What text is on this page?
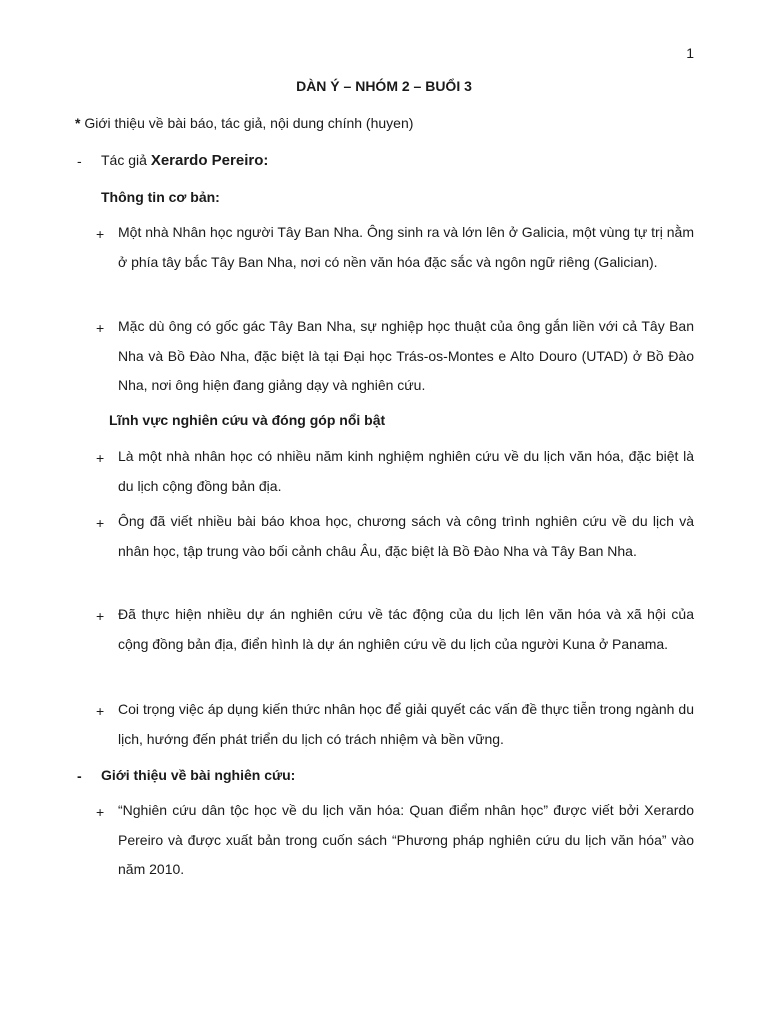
1
DÀN Ý – NHÓM 2 – BUỔI 3
* Giới thiệu về bài báo, tác giả, nội dung chính (huyen)
- Tác giả Xerardo Pereiro:
Thông tin cơ bản:
+ Một nhà Nhân học người Tây Ban Nha. Ông sinh ra và lớn lên ở Galicia, một vùng tự trị nằm ở phía tây bắc Tây Ban Nha, nơi có nền văn hóa đặc sắc và ngôn ngữ riêng (Galician).
+ Mặc dù ông có gốc gác Tây Ban Nha, sự nghiệp học thuật của ông gắn liền với cả Tây Ban Nha và Bồ Đào Nha, đặc biệt là tại Đại học Trás-os-Montes e Alto Douro (UTAD) ở Bồ Đào Nha, nơi ông hiện đang giảng dạy và nghiên cứu.
Lĩnh vực nghiên cứu và đóng góp nổi bật
+ Là một nhà nhân học có nhiều năm kinh nghiệm nghiên cứu về du lịch văn hóa, đặc biệt là du lịch cộng đồng bản địa.
+ Ông đã viết nhiều bài báo khoa học, chương sách và công trình nghiên cứu về du lịch và nhân học, tập trung vào bối cảnh châu Âu, đặc biệt là Bồ Đào Nha và Tây Ban Nha.
+ Đã thực hiện nhiều dự án nghiên cứu về tác động của du lịch lên văn hóa và xã hội của cộng đồng bản địa, điển hình là dự án nghiên cứu về du lịch của người Kuna ở Panama.
+ Coi trọng việc áp dụng kiến thức nhân học để giải quyết các vấn đề thực tiễn trong ngành du lịch, hướng đến phát triển du lịch có trách nhiệm và bền vững.
- Giới thiệu về bài nghiên cứu:
+ “Nghiên cứu dân tộc học về du lịch văn hóa: Quan điểm nhân học” được viết bởi Xerardo Pereiro và được xuất bản trong cuốn sách “Phương pháp nghiên cứu du lịch văn hóa” vào năm 2010.
